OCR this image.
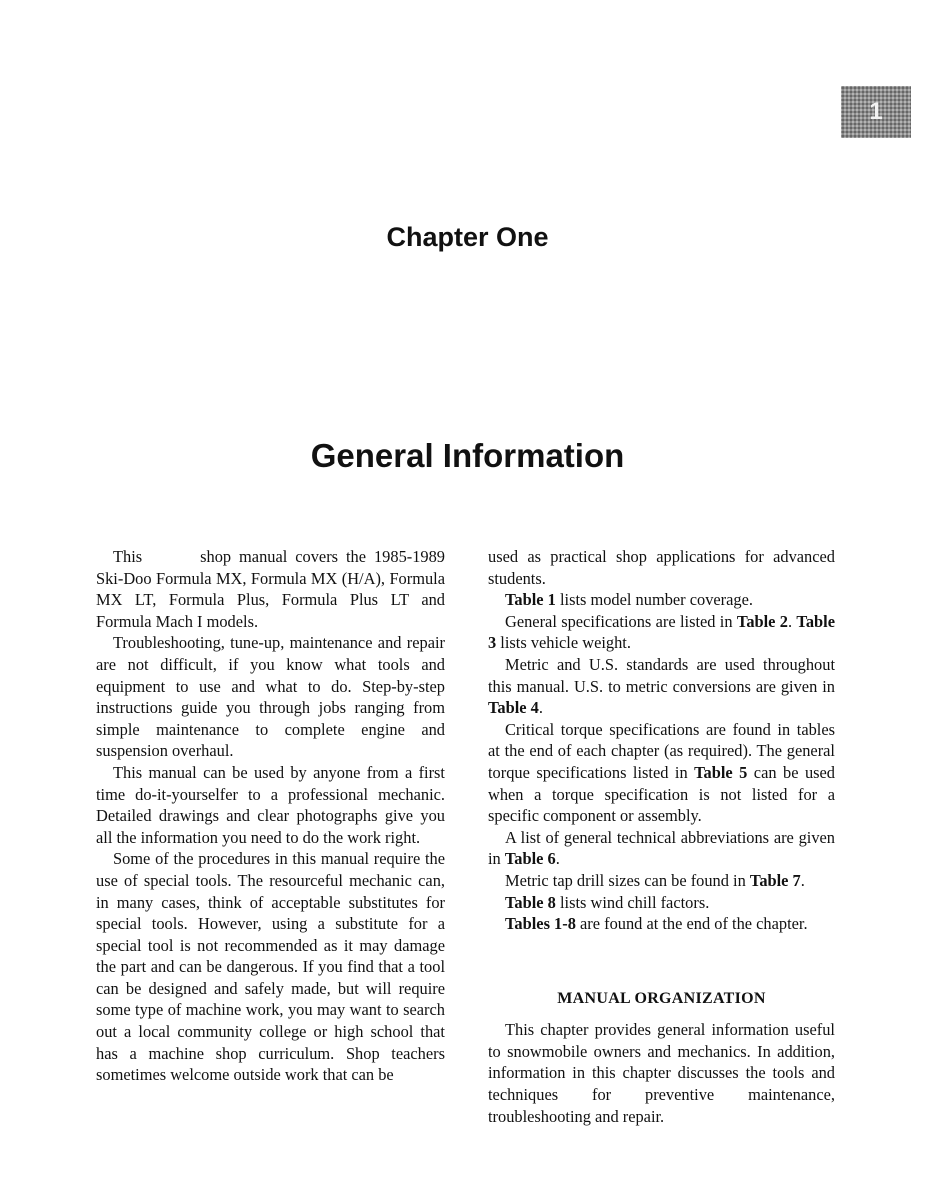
1
Chapter One
General Information

This	shop manual covers the 1985-1989 Ski-Doo Formula MX, Formula MX (H/A), Formula MX LT, Formula Plus, Formula Plus LT and Formula Mach I models.

Troubleshooting, tune-up, maintenance and repair are not difficult, if you know what tools and equipment to use and what to do. Step-by-step instructions guide you through jobs ranging from simple maintenance to complete engine and suspension overhaul.

This manual can be used by anyone from a first time do-it-yourselfer to a professional mechanic. Detailed drawings and clear photographs give you all the information you need to do the work right.

Some of the procedures in this manual require the use of special tools. The resourceful mechanic can, in many cases, think of acceptable substitutes for special tools. However, using a substitute for a special tool is not recommended as it may damage the part and can be dangerous. If you find that a tool can be designed and safely made, but will require some type of machine work, you may want to search out a local community college or high school that has a machine shop curriculum. Shop teachers sometimes welcome outside work that can be

used as practical shop applications for advanced students.

Table 1 lists model number coverage.

General specifications are listed in Table 2. Table 3 lists vehicle weight.

Metric and U.S. standards are used throughout this manual. U.S. to metric conversions are given in Table 4.

Critical torque specifications are found in tables at the end of each chapter (as required). The general torque specifications listed in Table 5 can be used when a torque specification is not listed for a specific component or assembly.

A list of general technical abbreviations are given in Table 6.

Metric tap drill sizes can be found in Table 7.

Table 8 lists wind chill factors.

Tables 1-8 are found at the end of the chapter.

MANUAL ORGANIZATION

This chapter provides general information useful to snowmobile owners and mechanics. In addition, information in this chapter discusses the tools and techniques for preventive maintenance, troubleshooting and repair.
